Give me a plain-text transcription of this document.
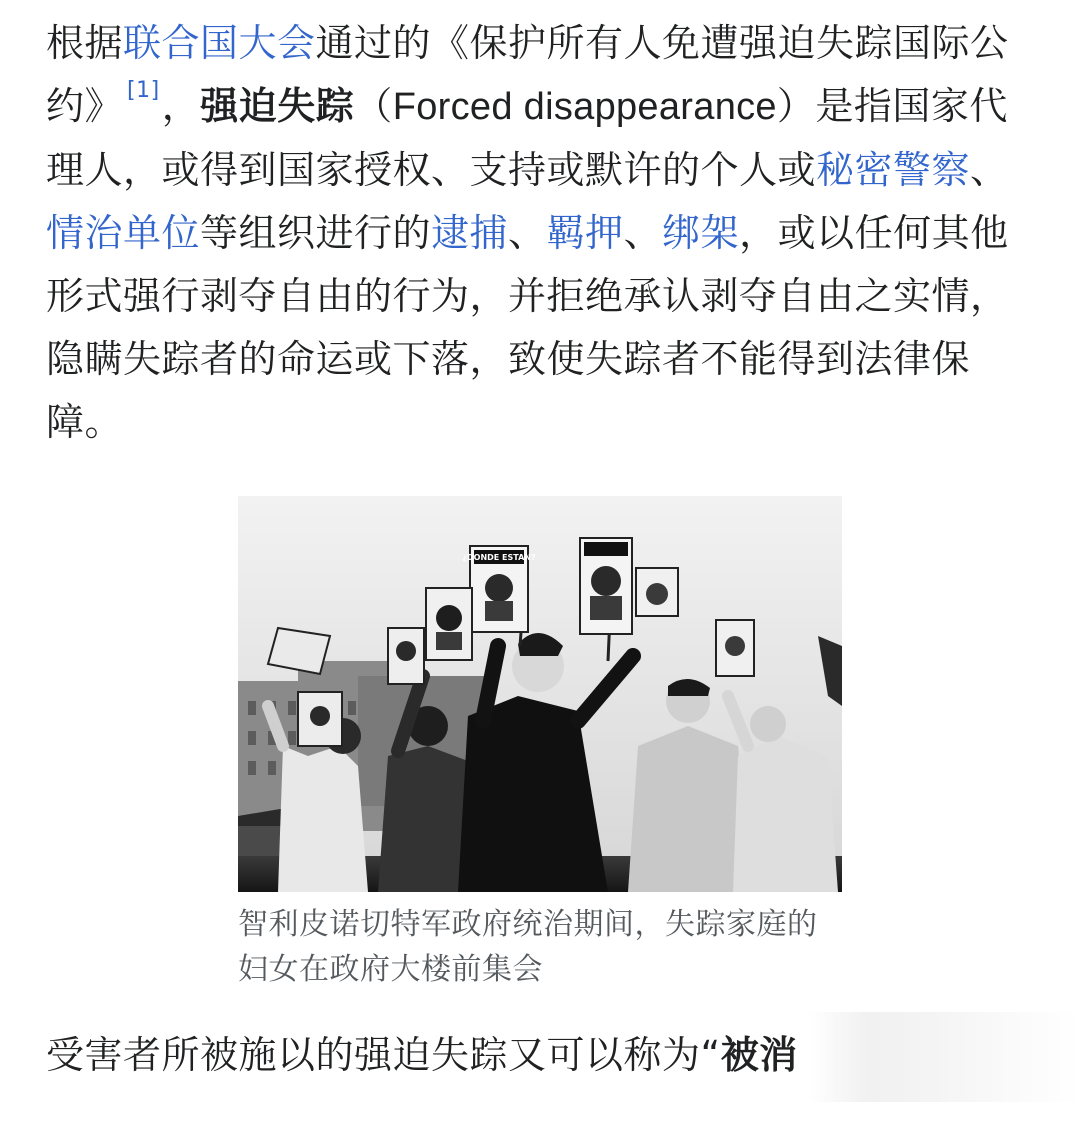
根据联合国大会通过的《保护所有人免遭强迫失踪国际公约》 [1]，强迫失踪（Forced disappearance）是指国家代理人，或得到国家授权、支持或默许的个人或秘密警察、情治单位等组织进行的逮捕、羁押、绑架，或以任何其他形式强行剥夺自由的行为，并拒绝承认剥夺自由之实情，隐瞒失踪者的命运或下落，致使失踪者不能得到法律保障。

¿DONDE ESTAN?

智利皮诺切特军政府统治期间，失踪家庭的妇女在政府大楼前集会

受害者所被施以的强迫失踪又可以称为“被消
